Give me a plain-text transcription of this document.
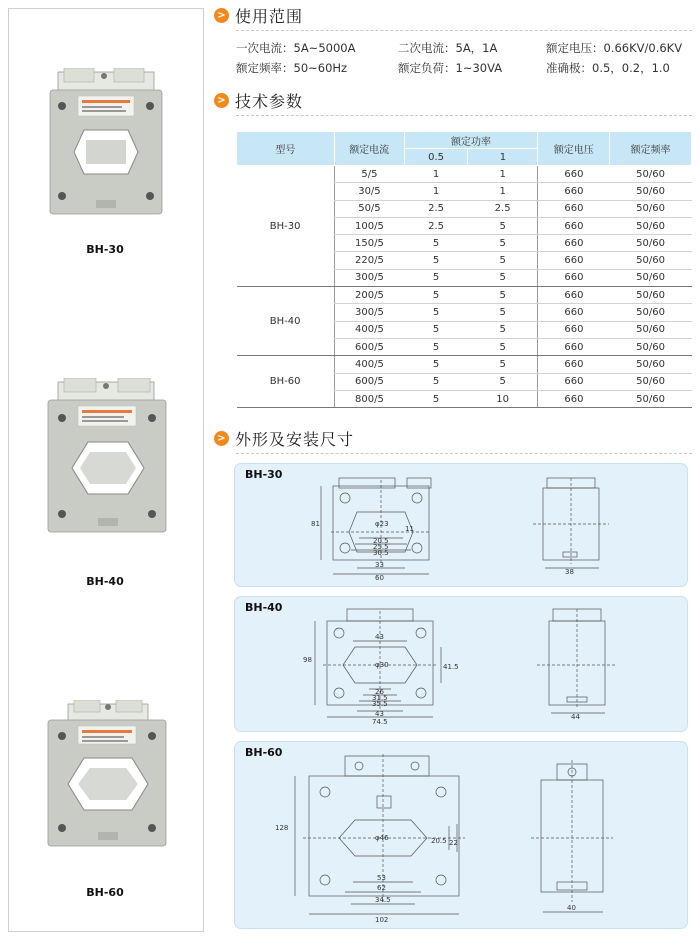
BH-30
BH-40
BH-60
> 使用范围
一次电流：5A~5000A	二次电流：5A，1A	额定电压：0.66KV/0.6KV
额定频率：50~60Hz	额定负荷：1~30VA	准确极：0.5，0.2，1.0
> 技术参数
型号	额定电流	额定功率		额定电压	额定频率
		0.5	1		
BH-30	5/5	1	1	660	50/60
	30/5	1	1	660	50/60
	50/5	2.5	2.5	660	50/60
	100/5	2.5	5	660	50/60
	150/5	5	5	660	50/60
	220/5	5	5	660	50/60
	300/5	5	5	660	50/60
BH-40	200/5	5	5	660	50/60
	300/5	5	5	660	50/60
	400/5	5	5	660	50/60
	600/5	5	5	660	50/60
BH-60	400/5	5	5	660	50/60
	600/5	5	5	660	50/60
	800/5	5	10	660	50/60
> 外形及安装尺寸
BH-30
81	φ23
11
20.5
25.5
30.5
33
60
38
BH-40
98
43
φ30	41.5
26
31.5
35.5
43
74.5
44
BH-60
128
φ46	20.5 22
53
62
34.5
102
40
